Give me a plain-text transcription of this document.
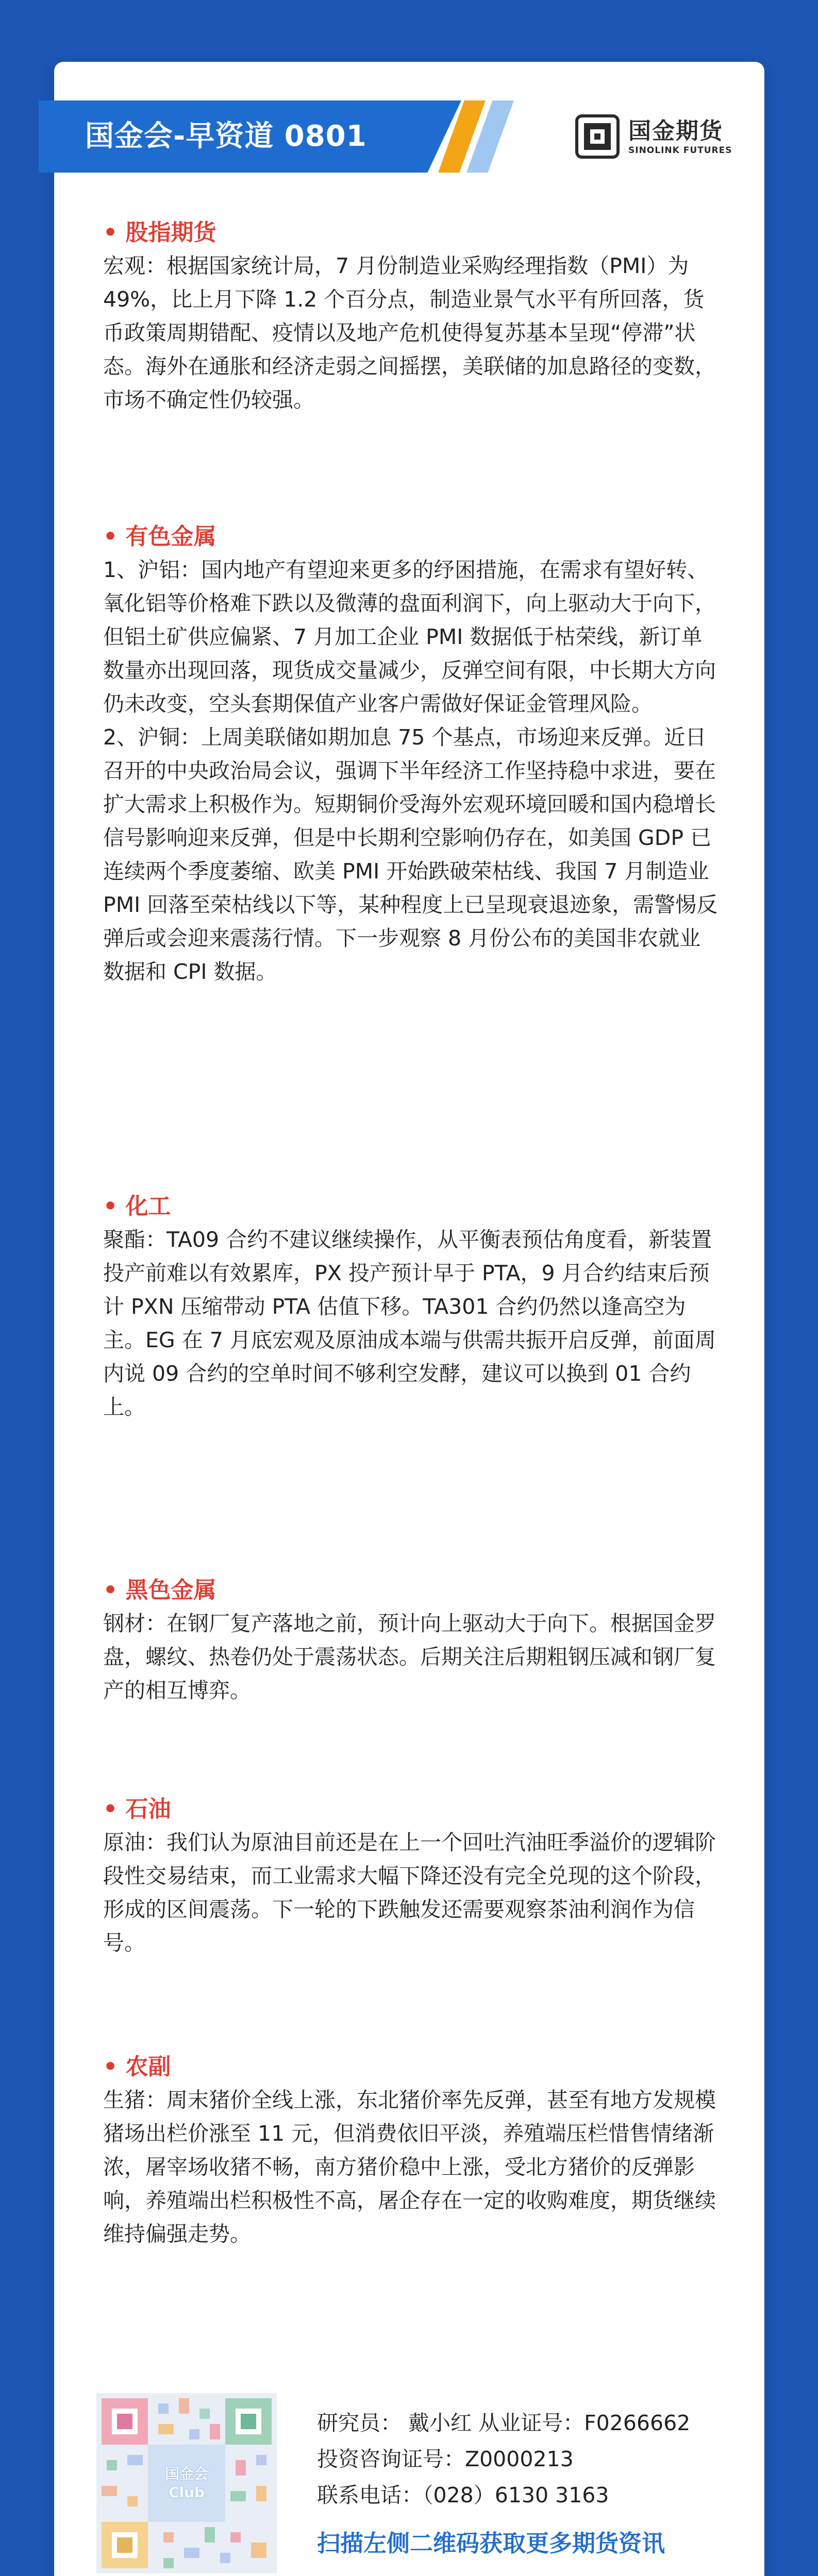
国金会-早资道 0801	国金期货
SINOLINK FUTURES
• 股指期货

宏观：根据国家统计局，7 月份制造业采购经理指数（PMI）为 49%，比上月下降 1.2 个百分点，制造业景气水平有所回落，货币政策周期错配、疫情以及地产危机使得复苏基本呈现“停滞”状态。海外在通胀和经济走弱之间摇摆，美联储的加息路径的变数，市场不确定性仍较强。

• 有色金属

1、沪铝：国内地产有望迎来更多的纾困措施，在需求有望好转、氧化铝等价格难下跌以及微薄的盘面利润下，向上驱动大于向下，但铝土矿供应偏紧、7 月加工企业 PMI 数据低于枯荣线，新订单数量亦出现回落，现货成交量减少，反弹空间有限，中长期大方向仍未改变，空头套期保值产业客户需做好保证金管理风险。

2、沪铜：上周美联储如期加息 75 个基点，市场迎来反弹。近日召开的中央政治局会议，强调下半年经济工作坚持稳中求进，要在扩大需求上积极作为。短期铜价受海外宏观环境回暖和国内稳增长信号影响迎来反弹，但是中长期利空影响仍存在，如美国 GDP 已连续两个季度萎缩、欧美 PMI 开始跌破荣枯线、我国 7 月制造业 PMI 回落至荣枯线以下等，某种程度上已呈现衰退迹象，需警惕反弹后或会迎来震荡行情。下一步观察 8 月份公布的美国非农就业数据和 CPI 数据。

• 化工

聚酯：TA09 合约不建议继续操作，从平衡表预估角度看，新装置投产前难以有效累库，PX 投产预计早于 PTA，9 月合约结束后预计 PXN 压缩带动 PTA 估值下移。TA301 合约仍然以逢高空为主。EG 在 7 月底宏观及原油成本端与供需共振开启反弹，前面周内说 09 合约的空单时间不够利空发酵，建议可以换到 01 合约上。

• 黑色金属

钢材：在钢厂复产落地之前，预计向上驱动大于向下。根据国金罗盘，螺纹、热卷仍处于震荡状态。后期关注后期粗钢压减和钢厂复产的相互博弈。

• 石油

原油：我们认为原油目前还是在上一个回吐汽油旺季溢价的逻辑阶段性交易结束，而工业需求大幅下降还没有完全兑现的这个阶段，形成的区间震荡。下一轮的下跌触发还需要观察茶油利润作为信号。

• 农副

生猪：周末猪价全线上涨，东北猪价率先反弹，甚至有地方发规模猪场出栏价涨至 11 元，但消费依旧平淡，养殖端压栏惜售情绪渐浓，屠宰场收猪不畅，南方猪价稳中上涨，受北方猪价的反弹影响，养殖端出栏积极性不高，屠企存在一定的收购难度，期货继续维持偏强走势。

国金会
Club
研究员： 戴小红 从业证号：F0266662
投资咨询证号：Z0000213
联系电话：（028）6130 3163
扫描左侧二维码获取更多期货资讯
